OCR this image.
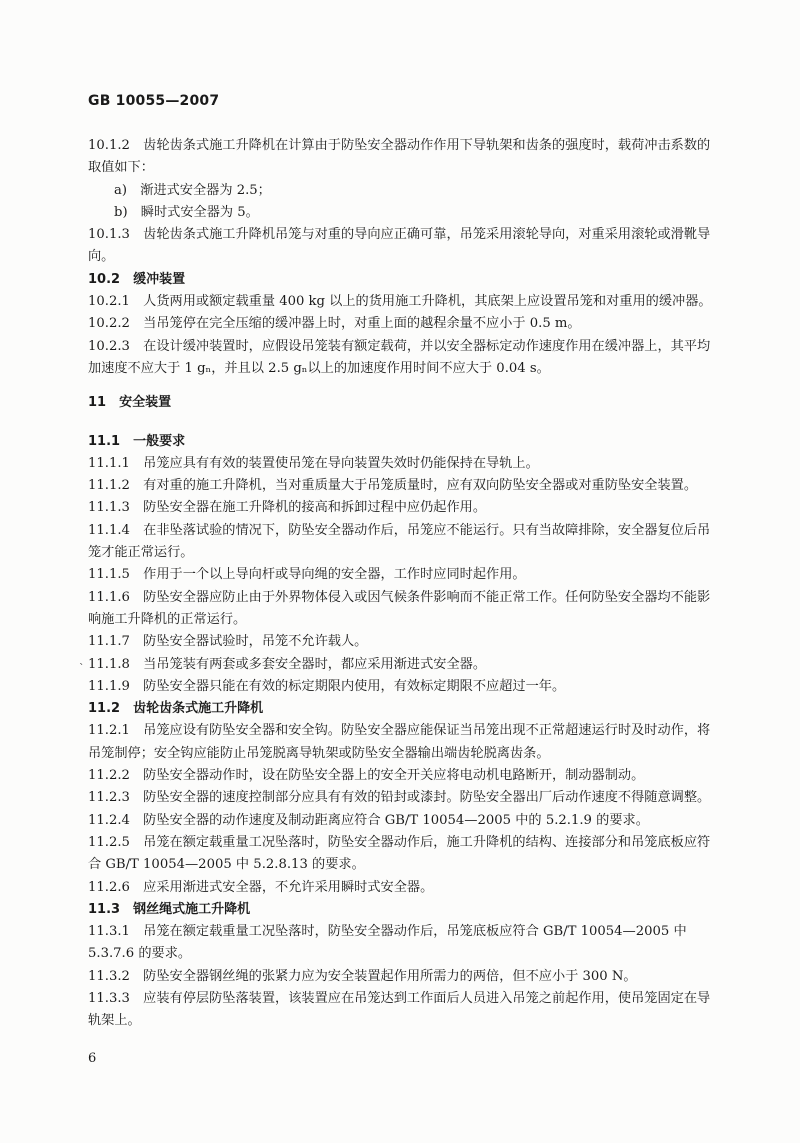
GB 10055—2007

10.1.2　齿轮齿条式施工升降机在计算由于防坠安全器动作作用下导轨架和齿条的强度时，载荷冲击系数的取值如下：

a)　渐进式安全器为 2.5；

b)　瞬时式安全器为 5。

10.1.3　齿轮齿条式施工升降机吊笼与对重的导向应正确可靠，吊笼采用滚轮导向，对重采用滚轮或滑靴导向。

10.2　缓冲装置

10.2.1　人货两用或额定载重量 400 kg 以上的货用施工升降机，其底架上应设置吊笼和对重用的缓冲器。

10.2.2　当吊笼停在完全压缩的缓冲器上时，对重上面的越程余量不应小于 0.5 m。

10.2.3　在设计缓冲装置时，应假设吊笼装有额定载荷，并以安全器标定动作速度作用在缓冲器上，其平均加速度不应大于 1 gₙ，并且以 2.5 gₙ以上的加速度作用时间不应大于 0.04 s。

11　安全装置

11.1　一般要求

11.1.1　吊笼应具有有效的装置使吊笼在导向装置失效时仍能保持在导轨上。

11.1.2　有对重的施工升降机，当对重质量大于吊笼质量时，应有双向防坠安全器或对重防坠安全装置。

11.1.3　防坠安全器在施工升降机的接高和拆卸过程中应仍起作用。

11.1.4　在非坠落试验的情况下，防坠安全器动作后，吊笼应不能运行。只有当故障排除，安全器复位后吊笼才能正常运行。

11.1.5　作用于一个以上导向杆或导向绳的安全器，工作时应同时起作用。

11.1.6　防坠安全器应防止由于外界物体侵入或因气候条件影响而不能正常工作。任何防坠安全器均不能影响施工升降机的正常运行。

11.1.7　防坠安全器试验时，吊笼不允许载人。

11.1.8　当吊笼装有两套或多套安全器时，都应采用渐进式安全器。

11.1.9　防坠安全器只能在有效的标定期限内使用，有效标定期限不应超过一年。

11.2　齿轮齿条式施工升降机

11.2.1　吊笼应设有防坠安全器和安全钩。防坠安全器应能保证当吊笼出现不正常超速运行时及时动作，将吊笼制停；安全钩应能防止吊笼脱离导轨架或防坠安全器输出端齿轮脱离齿条。

11.2.2　防坠安全器动作时，设在防坠安全器上的安全开关应将电动机电路断开，制动器制动。

11.2.3　防坠安全器的速度控制部分应具有有效的铅封或漆封。防坠安全器出厂后动作速度不得随意调整。

11.2.4　防坠安全器的动作速度及制动距离应符合 GB/T 10054—2005 中的 5.2.1.9 的要求。

11.2.5　吊笼在额定载重量工况坠落时，防坠安全器动作后，施工升降机的结构、连接部分和吊笼底板应符合 GB/T 10054—2005 中 5.2.8.13 的要求。

11.2.6　应采用渐进式安全器，不允许采用瞬时式安全器。

11.3　钢丝绳式施工升降机

11.3.1　吊笼在额定载重量工况坠落时，防坠安全器动作后，吊笼底板应符合 GB/T 10054—2005 中 5.3.7.6 的要求。

11.3.2　防坠安全器钢丝绳的张紧力应为安全装置起作用所需力的两倍，但不应小于 300 N。

11.3.3　应装有停层防坠落装置，该装置应在吊笼达到工作面后人员进入吊笼之前起作用，使吊笼固定在导轨架上。

ˋ
6
